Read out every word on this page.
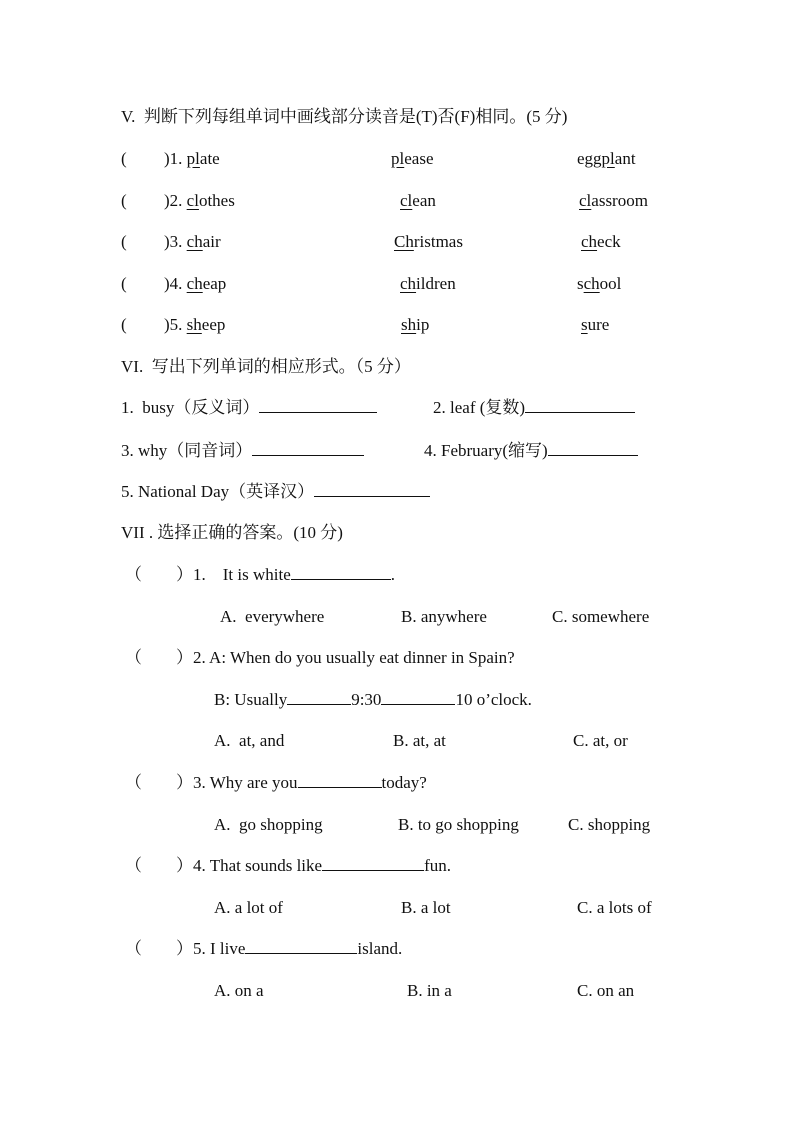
V.  判断下列每组单词中画线部分读音是(T)否(F)相同。(5 分)
( )1. pl ate	pl ease	egg pl ant
( )2. cl othes	cl ean	cl assroom
( )3. ch air	Ch ristmas	ch eck
( )4. ch eap	ch ildren	s ch ool
( )5. sh eep	sh ip	s ure
VI.  写出下列单词的相应形式。（5 分）
1.  busy（反义词）	2. leaf (复数)
3. why（同音词）	4. February(缩写)
5. National Day（英译汉）
VII . 选择正确的答案。(10 分)
（        ） 1.    It is white	.
A.  everywhere	B. anywhere	C. somewhere
（        ） 2. A: When do you usually eat dinner in Spain?
B: Usually	9:30	10 o’clock.
A.  at, and	B. at, at	C. at, or
（        ） 3. Why are you	today?
A.  go shopping	B. to go shopping	C. shopping
（        ） 4. That sounds like	fun.
A. a lot of	B. a lot	C. a lots of
（        ） 5. I live	island.
A. on a	B. in a	C. on an
